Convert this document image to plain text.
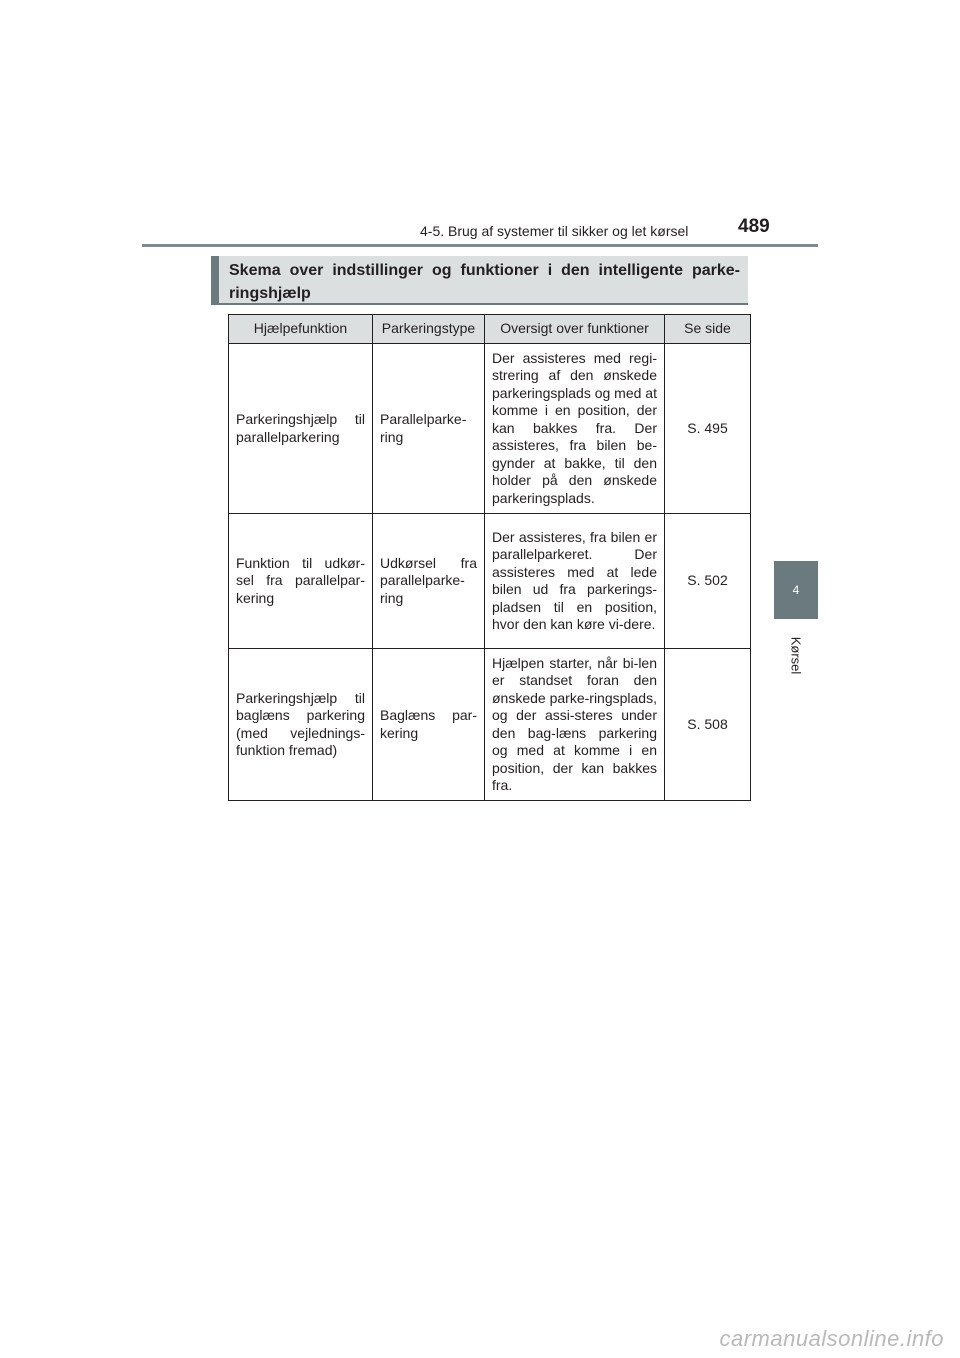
4-5. Brug af systemer til sikker og let kørsel	489
4
Kørsel
Skema over indstillinger og funktioner i den intelligente parke-ringshjælp
Hjælpefunktion	Parkeringstype	Oversigt over funktioner	Se side
Parkeringshjælp til parallelparkering	Parallelparke-ring	Der assisteres med regi-strering af den ønskede parkeringsplads og med at komme i en position, der kan bakkes fra. Der assisteres, fra bilen be-gynder at bakke, til den holder på den ønskede parkeringsplads.	S. 495
Funktion til udkør-sel fra parallelpar-kering	Udkørsel fra parallelparke-ring	Der assisteres, fra bilen er parallelparkeret. Der assisteres med at lede bilen ud fra parkerings-pladsen til en position, hvor den kan køre vi-dere.	S. 502
Parkeringshjælp til baglæns parkering (med vejlednings-funktion fremad)	Baglæns par-kering	Hjælpen starter, når bi-len er standset foran den ønskede parke-ringsplads, og der assi-steres under den bag-læns parkering og med at komme i en position, der kan bakkes fra.	S. 508
carmanualsonline.info
